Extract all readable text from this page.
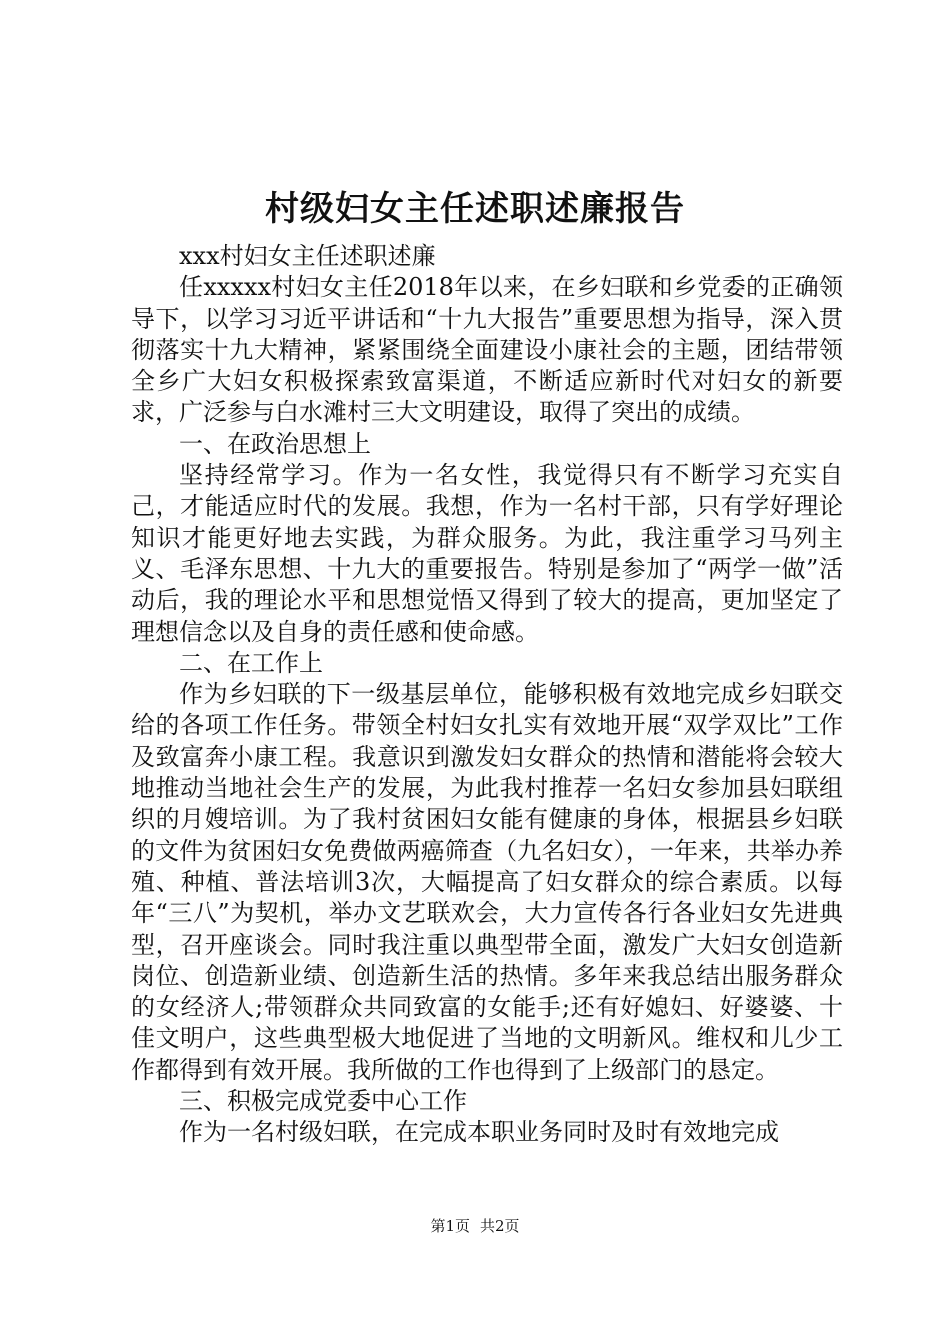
村级妇女主任述职述廉报告

xxx村妇女主任述职述廉

任xxxxx村妇女主任2018年以来，在乡妇联和乡党委的正确领导下，以学习习近平讲话和“十九大报告”重要思想为指导，深入贯彻落实十九大精神，紧紧围绕全面建设小康社会的主题，团结带领全乡广大妇女积极探索致富渠道，不断适应新时代对妇女的新要求，广泛参与白水滩村三大文明建设，取得了突出的成绩。

一、在政治思想上

坚持经常学习。作为一名女性，我觉得只有不断学习充实自己，才能适应时代的发展。我想，作为一名村干部，只有学好理论知识才能更好地去实践，为群众服务。为此，我注重学习马列主义、毛泽东思想、十九大的重要报告。特别是参加了“两学一做”活动后，我的理论水平和思想觉悟又得到了较大的提高，更加坚定了理想信念以及自身的责任感和使命感。

二、在工作上

作为乡妇联的下一级基层单位，能够积极有效地完成乡妇联交给的各项工作任务。带领全村妇女扎实有效地开展“双学双比”工作及致富奔小康工程。我意识到激发妇女群众的热情和潜能将会较大地推动当地社会生产的发展，为此我村推荐一名妇女参加县妇联组织的月嫂培训。为了我村贫困妇女能有健康的身体，根据县乡妇联的文件为贫困妇女免费做两癌筛查（九名妇女），一年来，共举办养殖、种植、普法培训3次，大幅提高了妇女群众的综合素质。以每年“三八”为契机，举办文艺联欢会，大力宣传各行各业妇女先进典型，召开座谈会。同时我注重以典型带全面，激发广大妇女创造新岗位、创造新业绩、创造新生活的热情。多年来我总结出服务群众的女经济人;带领群众共同致富的女能手;还有好媳妇、好婆婆、十佳文明户，这些典型极大地促进了当地的文明新风。维权和儿少工作都得到有效开展。我所做的工作也得到了上级部门的恳定。

三、积极完成党委中心工作

作为一名村级妇联，在完成本职业务同时及时有效地完成

第1页 共2页
